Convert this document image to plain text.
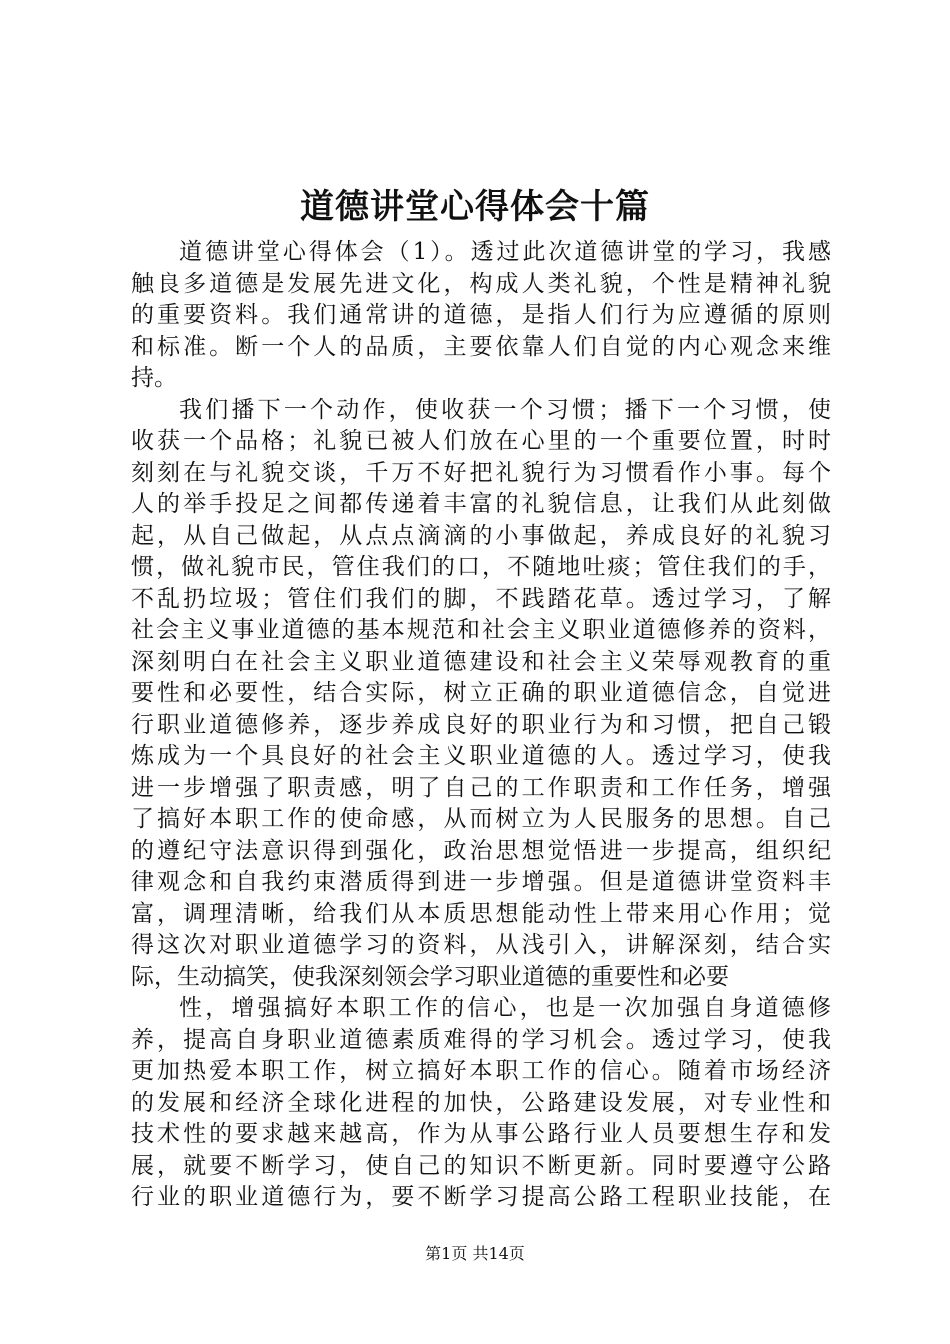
道德讲堂心得体会十篇
道德讲堂心得体会（1）。透过此次道德讲堂的学习，我感
触良多道德是发展先进文化，构成人类礼貌，个性是精神礼貌
的重要资料。我们通常讲的道德，是指人们行为应遵循的原则
和标准。断一个人的品质，主要依靠人们自觉的内心观念来维
持。
我们播下一个动作，使收获一个习惯；播下一个习惯，使
收获一个品格；礼貌已被人们放在心里的一个重要位置，时时
刻刻在与礼貌交谈，千万不好把礼貌行为习惯看作小事。每个
人的举手投足之间都传递着丰富的礼貌信息，让我们从此刻做
起，从自己做起，从点点滴滴的小事做起，养成良好的礼貌习
惯，做礼貌市民，管住我们的口，不随地吐痰；管住我们的手，
不乱扔垃圾；管住们我们的脚，不践踏花草。透过学习，了解
社会主义事业道德的基本规范和社会主义职业道德修养的资料，
深刻明白在社会主义职业道德建设和社会主义荣辱观教育的重
要性和必要性，结合实际，树立正确的职业道德信念，自觉进
行职业道德修养，逐步养成良好的职业行为和习惯，把自己锻
炼成为一个具良好的社会主义职业道德的人。透过学习，使我
进一步增强了职责感，明了自己的工作职责和工作任务，增强
了搞好本职工作的使命感，从而树立为人民服务的思想。自己
的遵纪守法意识得到强化，政治思想觉悟进一步提高，组织纪
律观念和自我约束潜质得到进一步增强。但是道德讲堂资料丰
富，调理清晰，给我们从本质思想能动性上带来用心作用；觉
得这次对职业道德学习的资料，从浅引入，讲解深刻，结合实
际，生动搞笑，使我深刻领会学习职业道德的重要性和必要
性，增强搞好本职工作的信心，也是一次加强自身道德修
养，提高自身职业道德素质难得的学习机会。透过学习，使我
更加热爱本职工作，树立搞好本职工作的信心。随着市场经济
的发展和经济全球化进程的加快，公路建设发展，对专业性和
技术性的要求越来越高，作为从事公路行业人员要想生存和发
展，就要不断学习，使自己的知识不断更新。同时要遵守公路
行业的职业道德行为，要不断学习提高公路工程职业技能，在
第1页 共14页
